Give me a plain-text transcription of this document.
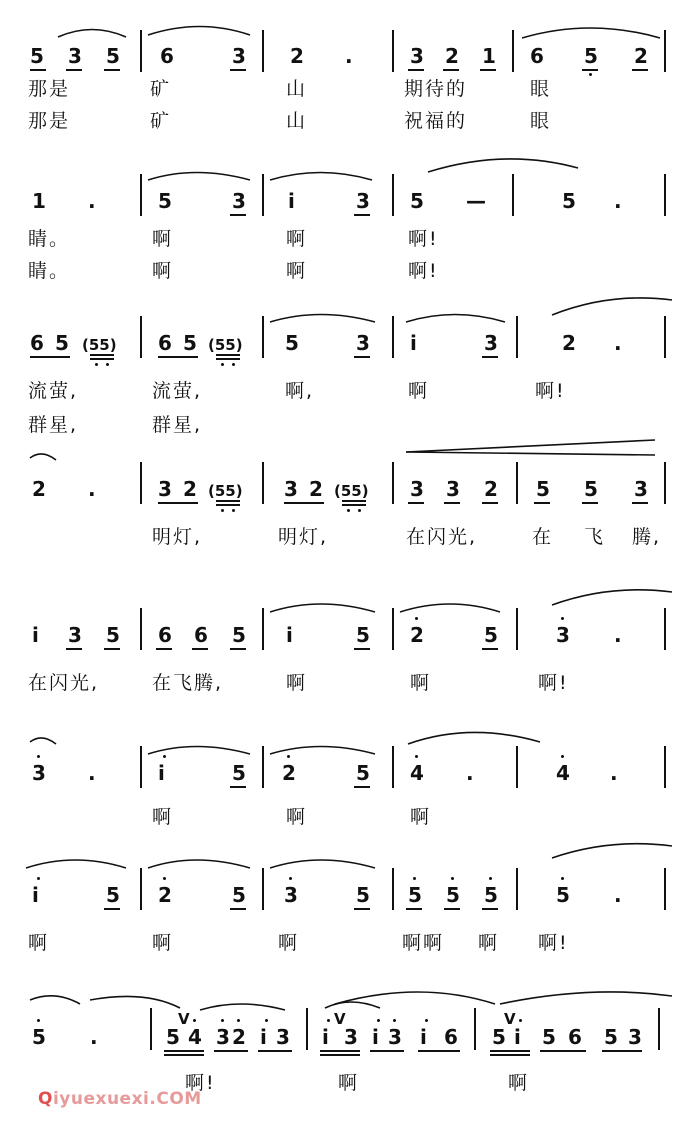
5 3 5 6	3 2 .	3 2 1 6 5 2
那是	矿	山	期待的	眼
那是	矿	山	祝福的	眼
1 .	5	3 i	3 5 —	5 .
睛。	啊	啊	啊!
睛。	啊	啊	啊!
6 5 (55) 6 5 (55) 5	3 i	3	2 .
流萤,	流萤,	啊,	啊	啊!
群星,	群星,
2 .	3 2 (55) 3 2 (55) 3 3 2 5 5 3
明灯,	明灯,	在闪光,	在 飞 腾,
i 3 5 6 6 5 i	5 2	5	3 .
在闪光,	在飞腾,	啊	啊	啊!
3 .	i	5 2	5 4 .	4 .
啊	啊	啊
i	5 2	5 3	5 5 5 5	5 .
啊	啊	啊	啊啊 啊 啊!
5 .	5
V
4 3 2 i 3 i
V
3 i 3 i 6 5
V
i 5 6 5 3
啊!	啊	啊
Qiyuexuexi.COM
